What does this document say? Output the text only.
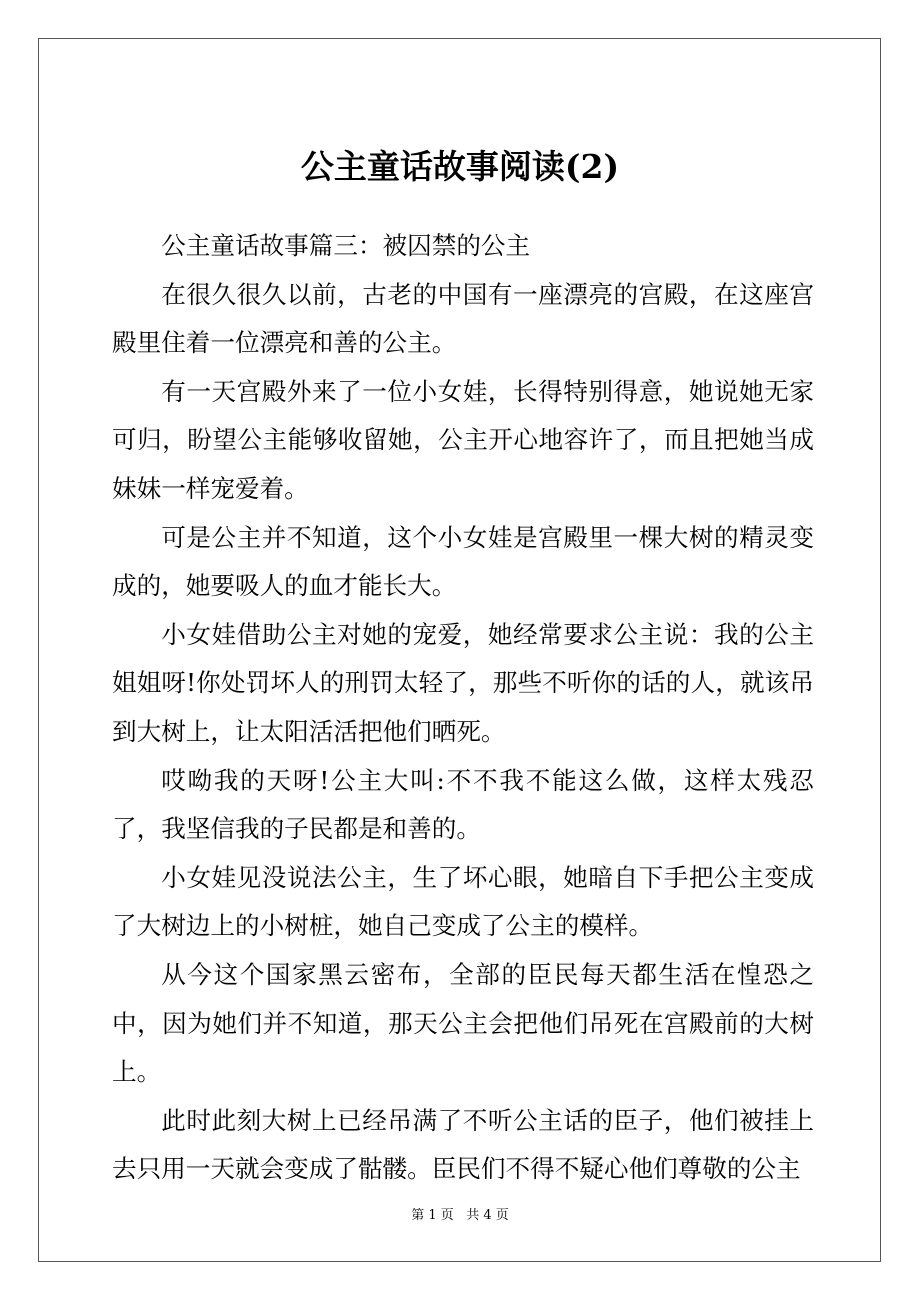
公主童话故事阅读(2)

公主童话故事篇三：被囚禁的公主

在很久很久以前，古老的中国有一座漂亮的宫殿，在这座宫殿里住着一位漂亮和善的公主。

有一天宫殿外来了一位小女娃，长得特别得意，她说她无家可归，盼望公主能够收留她，公主开心地容许了，而且把她当成妹妹一样宠爱着。

可是公主并不知道，这个小女娃是宫殿里一棵大树的精灵变成的，她要吸人的血才能长大。

小女娃借助公主对她的宠爱，她经常要求公主说：我的公主姐姐呀!你处罚坏人的刑罚太轻了，那些不听你的话的人，就该吊到大树上，让太阳活活把他们晒死。

哎呦我的天呀!公主大叫:不不我不能这么做，这样太残忍了，我坚信我的子民都是和善的。

小女娃见没说法公主，生了坏心眼，她暗自下手把公主变成了大树边上的小树桩，她自己变成了公主的模样。

从今这个国家黑云密布，全部的臣民每天都生活在惶恐之中，因为她们并不知道，那天公主会把他们吊死在宫殿前的大树上。

此时此刻大树上已经吊满了不听公主话的臣子，他们被挂上去只用一天就会变成了骷髅。臣民们不得不疑心他们尊敬的公主

第 1 页 共 4 页
